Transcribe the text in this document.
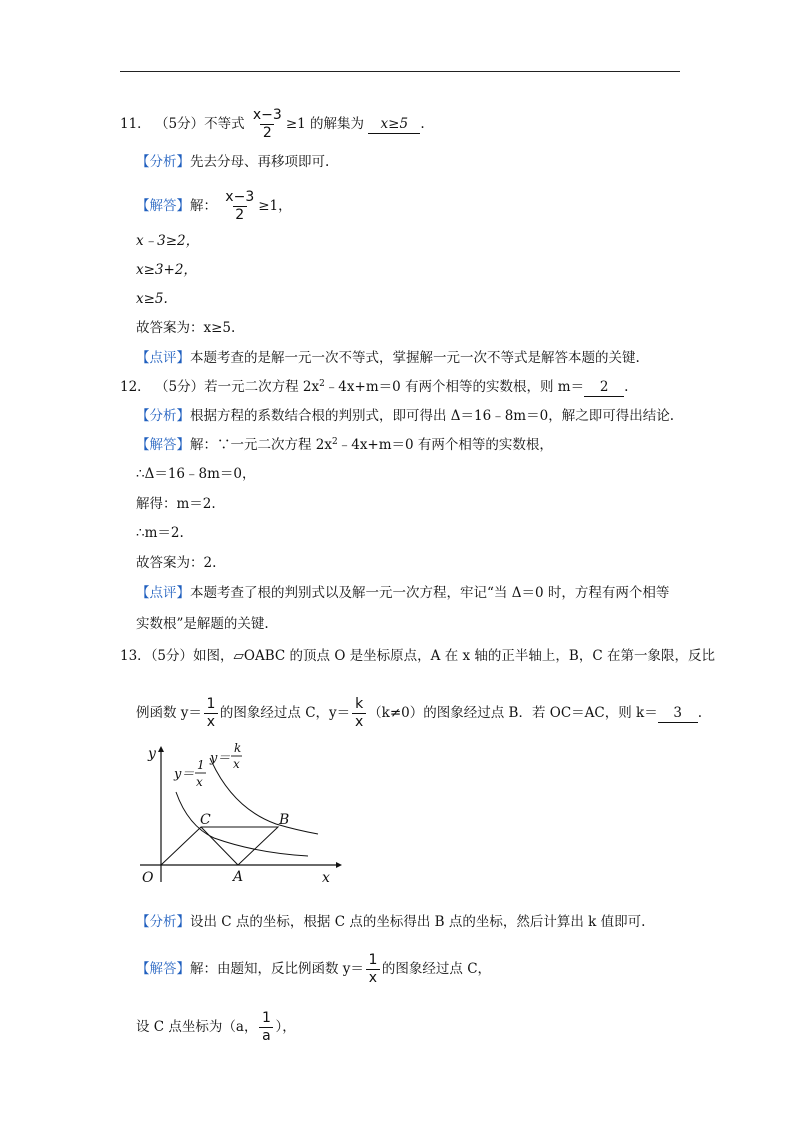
11． （5分）不等式 $\frac{x-3}{2} \ge 1$ 的解集为 x≥5 .
【分析】先去分母、再移项即可.
【解答】解： $\frac{x-3}{2} \ge 1$，
x﹣3≥2，
x≥3+2，
x≥5.
故答案为：x≥5.
【点评】本题考查的是解一元一次不等式，掌握解一元一次不等式是解答本题的关键.
12． （5分）若一元二次方程 $2x^2﹣4x+m=0$ 有两个相等的实数根，则 m＝ 2 .
【分析】根据方程的系数结合根的判别式，即可得出 Δ＝16﹣8m＝0，解之即可得出结论.
【解答】解：∵一元二次方程 $2x^2﹣4x+m=0$ 有两个相等的实数根，
∴Δ＝16﹣8m＝0，
解得：m＝2.
∴m＝2.
故答案为：2.
【点评】本题考查了根的判别式以及解一元一次方程，牢记“当 Δ＝0 时，方程有两个相等
实数根”是解题的关键.
13．（5分）如图，▱OABC 的顶点 O 是坐标原点，A 在 x 轴的正半轴上，B，C 在第一象限，反比
例函数 $y= \frac{1}{x}$ 的图象经过点 C，$y= \frac{k}{x} (k\ne 0)$的图象经过点 B．若 OC＝AC，则 k＝ 3 .
y
x
O	A
B
C
y＝
1
x
y＝
k
x
【分析】设出 C 点的坐标，根据 C 点的坐标得出 B 点的坐标，然后计算出 k 值即可.
【解答】解：由题知，反比例函数 $y= \frac{1}{x}$ 的图象经过点 C，
设 C 点坐标为（a， $\frac{1}{a}$ ），
